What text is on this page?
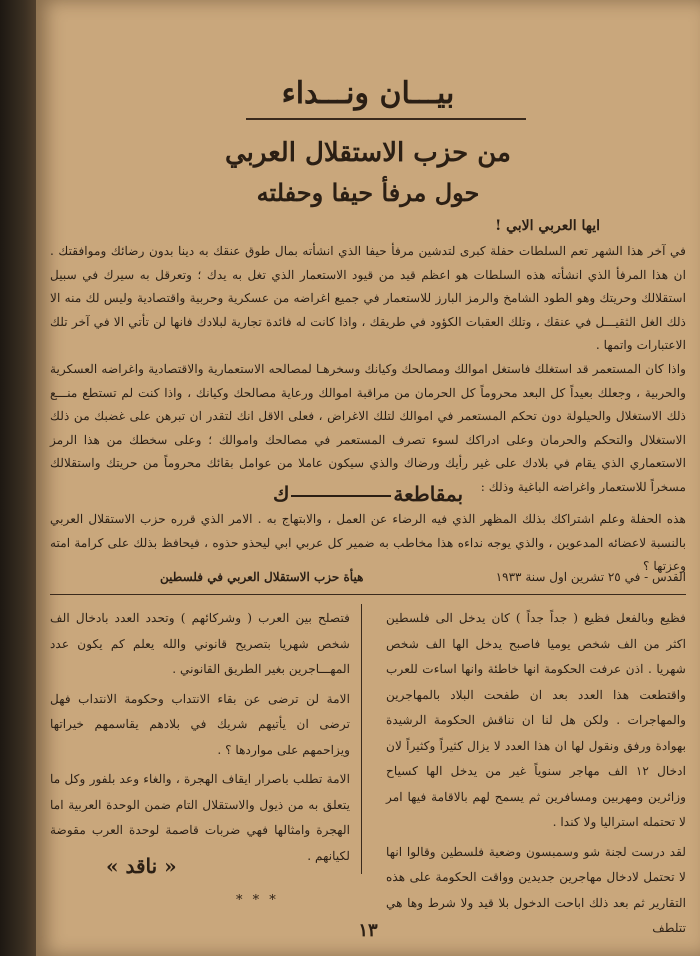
بيـــان ونـــداء
من حزب الاستقلال العربي
حول مرفأ حيفا وحفلته
ايها العربي الابي !

في آخر هذا الشهر تعم السلطات حفلة كبرى لتدشين مرفأ حيفا الذي انشأته بمال طوق عنقك به دينا بدون رضائك وموافقتك . ان هذا المرفأ الذي انشأته هذه السلطات هو اعظم قيد من قيود الاستعمار الذي تغل به يدك ؛ وتعرقل به سيرك في سبيل استقلالك وحريتك وهو الطود الشامخ والرمز البارز للاستعمار في جميع اغراضه من عسكرية وحربية واقتصادية وليس لك منه الا ذلك الغل الثقيـــل في عنقك ، وتلك العقبات الكؤود في طريقك ، واذا كانت له فائدة تجارية لبلادك فانها لن تأتي الا في آخر تلك الاعتبارات واتمها .

واذا كان المستعمر قد استغلك فاستغل اموالك ومصالحك وكيانك وسخرهـا لمصالحه الاستعمارية والاقتصادية واغراضه العسكرية والحربية ، وجعلك بعيداً كل البعد محروماً كل الحرمان من مراقبة اموالك ورعاية مصالحك وكيانك ، واذا كنت لم تستطع منـــع ذلك الاستغلال والحيلولة دون تحكم المستعمر في اموالك لتلك الاغراض ، فعلى الاقل انك لتقدر ان تبرهن على غضبك من ذلك الاستغلال والتحكم والحرمان وعلى ادراكك لسوء تصرف المستعمر في مصالحك واموالك ؛ وعلى سخطك من هذا الرمز الاستعماري الذي يقام في بلادك على غير رأيك ورضاك والذي سيكون عاملا من عوامل بقائك محروماً من حريتك واستقلالك مسخراً للاستعمار واغراضه الباغية وذلك :

بمقاطعةك
هذه الحفلة وعلم اشتراكك بذلك المظهر الذي فيه الرضاء عن العمل ، والابتهاج به . الامر الذي قرره حزب الاستقلال العربي بالنسبة لاعضائه المدعوين ، والذي يوجه نداءه هذا مخاطب به ضمير كل عربي ابي ليحذو حذوه ، فيحافظ بذلك على كرامة امته وعزتها ؟
القدس - في ٢٥ تشرين اول سنة ١٩٣٣
هيأة حزب الاستقلال العربي في فلسطين

فظيع وبالفعل فظيع ( جداً جداً ) كان يدخل الى فلسطين اكثر من الف شخص يوميا فاصبح يدخل الها الف شخص شهريا . اذن عرفت الحكومة انها خاطئة وانها اساءت للعرب واقتطعت هذا العدد بعد ان طفحت البلاد بالمهاجرين والمهاجرات . ولكن هل لنا ان نناقش الحكومة الرشيدة بهوادة ورفق ونقول لها ان هذا العدد لا يزال كثيراً وكثيراً لان ادخال ١٢ الف مهاجر سنوياً غير من يدخل الها كسياح وزائرين ومهربين ومسافرين ثم يسمح لهم بالاقامة فيها امر لا تحتمله استراليا ولا كندا .

لقد درست لجنة شو وسمبسون وضعية فلسطين وقالوا انها لا تحتمل لادخال مهاجرين جديدين وواقت الحكومة على هذه التقارير ثم بعد ذلك اباحت الدخول بلا قيد ولا شرط وها هي تتلطف

فتصلح بين العرب ( وشركائهم ) وتحدد العدد بادخال الف شخص شهريا بتصريح قانوني والله يعلم كم يكون عدد المهـــاجرين بغير الطريق القانوني .

الامة لن ترضى عن بقاء الانتداب وحكومة الانتداب فهل ترضى ان يأتيهم شريك في بلادهم يقاسمهم خيراتها ويزاحمهم على مواردها ؟ .

الامة تطلب باصرار ايقاف الهجرة ، والغاء وعد بلفور وكل ما يتعلق به من ذيول والاستقلال التام ضمن الوحدة العربية اما الهجرة وامثالها فهي ضربات قاصمة لوحدة العرب مقوضة لكيانهم .

« ناقد »
* * *
١٣
